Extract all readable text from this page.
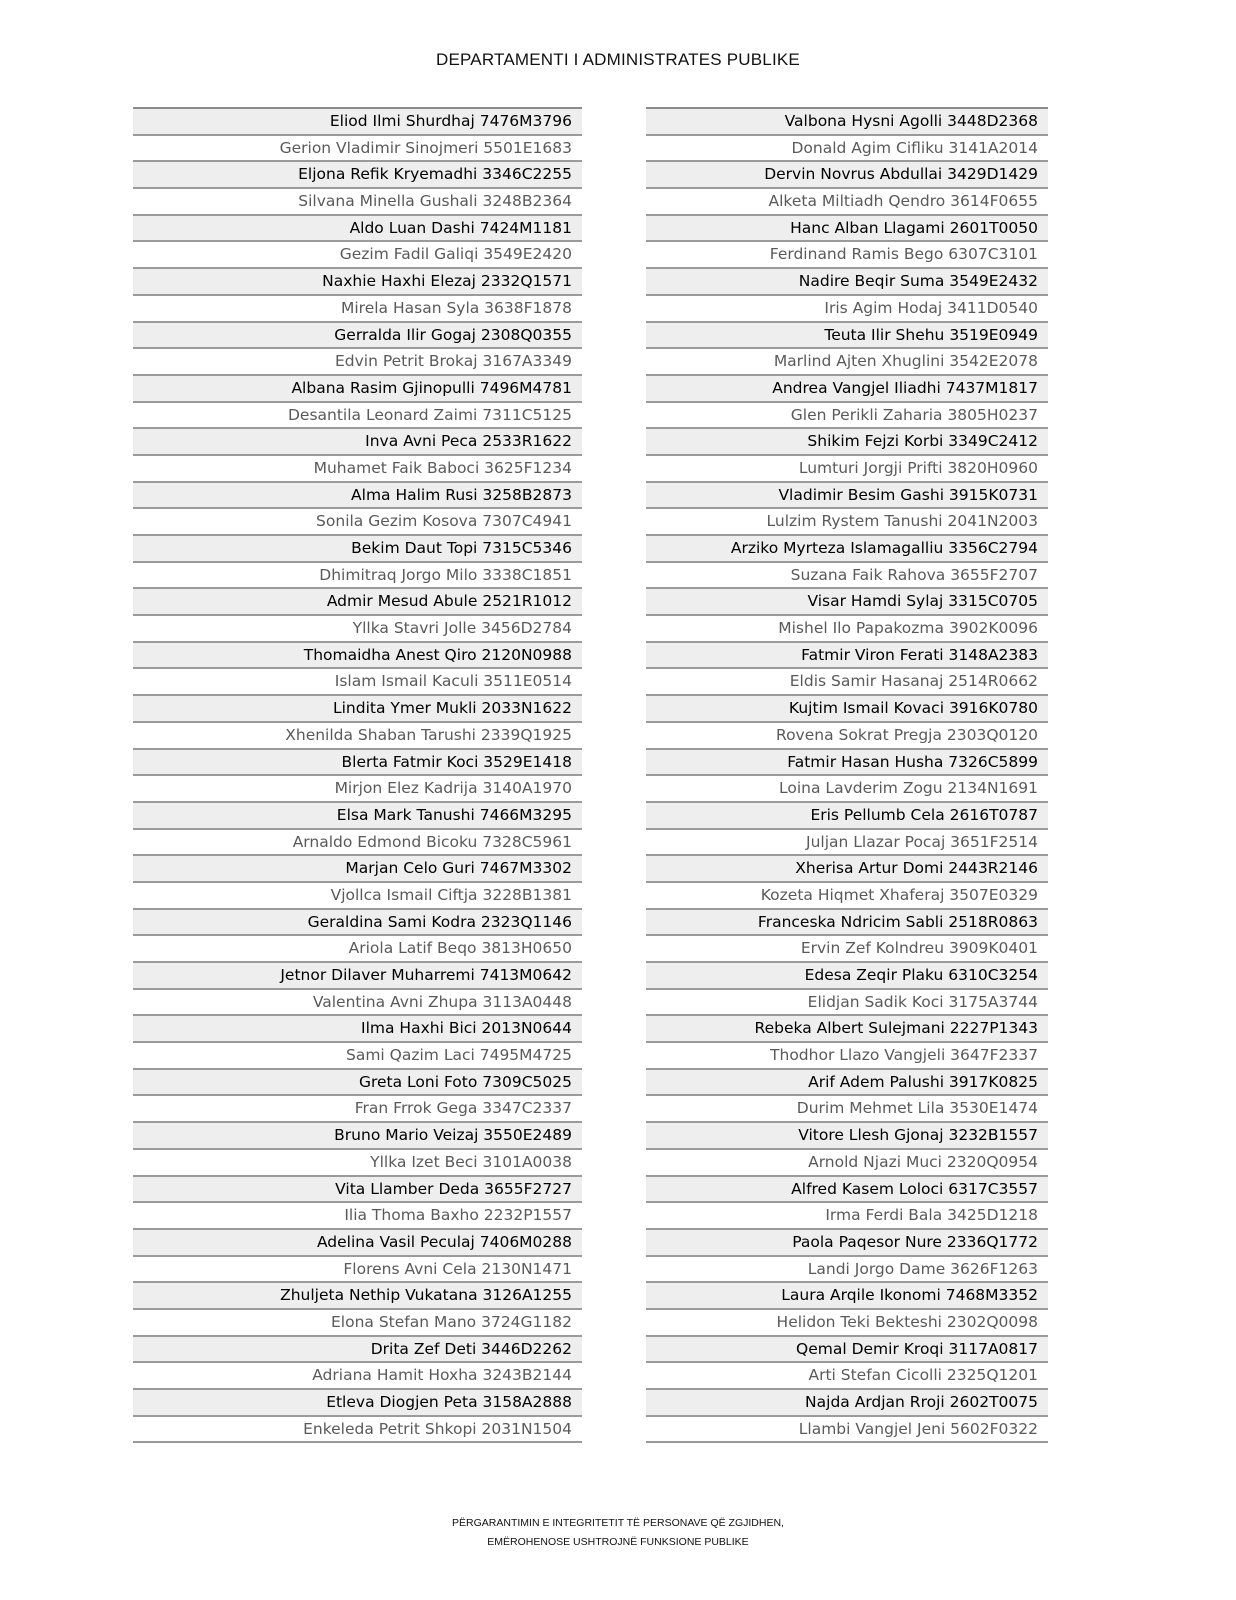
DEPARTAMENTI I ADMINISTRATES PUBLIKE
Eliod Ilmi Shurdhaj 7476M3796
Gerion Vladimir Sinojmeri 5501E1683
Eljona Refik Kryemadhi 3346C2255
Silvana Minella Gushali 3248B2364
Aldo Luan Dashi 7424M1181
Gezim Fadil Galiqi 3549E2420
Naxhie Haxhi Elezaj 2332Q1571
Mirela Hasan Syla 3638F1878
Gerralda Ilir Gogaj 2308Q0355
Edvin Petrit Brokaj 3167A3349
Albana Rasim Gjinopulli 7496M4781
Desantila Leonard Zaimi 7311C5125
Inva Avni Peca 2533R1622
Muhamet Faik Baboci 3625F1234
Alma Halim Rusi 3258B2873
Sonila Gezim Kosova 7307C4941
Bekim Daut Topi 7315C5346
Dhimitraq Jorgo Milo 3338C1851
Admir Mesud Abule 2521R1012
Yllka Stavri Jolle 3456D2784
Thomaidha Anest Qiro 2120N0988
Islam Ismail Kaculi 3511E0514
Lindita Ymer Mukli 2033N1622
Xhenilda Shaban Tarushi 2339Q1925
Blerta Fatmir Koci 3529E1418
Mirjon Elez Kadrija 3140A1970
Elsa Mark Tanushi 7466M3295
Arnaldo Edmond Bicoku 7328C5961
Marjan Celo Guri 7467M3302
Vjollca Ismail Ciftja 3228B1381
Geraldina Sami Kodra 2323Q1146
Ariola Latif Beqo 3813H0650
Jetnor Dilaver Muharremi 7413M0642
Valentina Avni Zhupa 3113A0448
Ilma Haxhi Bici 2013N0644
Sami Qazim Laci 7495M4725
Greta Loni Foto 7309C5025
Fran Frrok Gega 3347C2337
Bruno Mario Veizaj 3550E2489
Yllka Izet Beci 3101A0038
Vita Llamber Deda 3655F2727
Ilia Thoma Baxho 2232P1557
Adelina Vasil Peculaj 7406M0288
Florens Avni Cela 2130N1471
Zhuljeta Nethip Vukatana 3126A1255
Elona Stefan Mano 3724G1182
Drita Zef Deti 3446D2262
Adriana Hamit Hoxha 3243B2144
Etleva Diogjen Peta 3158A2888
Enkeleda Petrit Shkopi 2031N1504
Valbona Hysni Agolli 3448D2368
Donald Agim Cifliku 3141A2014
Dervin Novrus Abdullai 3429D1429
Alketa Miltiadh Qendro 3614F0655
Hanc Alban Llagami 2601T0050
Ferdinand Ramis Bego 6307C3101
Nadire Beqir Suma 3549E2432
Iris Agim Hodaj 3411D0540
Teuta Ilir Shehu 3519E0949
Marlind Ajten Xhuglini 3542E2078
Andrea Vangjel Iliadhi 7437M1817
Glen Perikli Zaharia 3805H0237
Shikim Fejzi Korbi 3349C2412
Lumturi Jorgji Prifti 3820H0960
Vladimir Besim Gashi 3915K0731
Lulzim Rystem Tanushi 2041N2003
Arziko Myrteza Islamagalliu 3356C2794
Suzana Faik Rahova 3655F2707
Visar Hamdi Sylaj 3315C0705
Mishel Ilo Papakozma 3902K0096
Fatmir Viron Ferati 3148A2383
Eldis Samir Hasanaj 2514R0662
Kujtim Ismail Kovaci 3916K0780
Rovena Sokrat Pregja 2303Q0120
Fatmir Hasan Husha 7326C5899
Loina Lavderim Zogu 2134N1691
Eris Pellumb Cela 2616T0787
Juljan Llazar Pocaj 3651F2514
Xherisa Artur Domi 2443R2146
Kozeta Hiqmet Xhaferaj 3507E0329
Franceska Ndricim Sabli 2518R0863
Ervin Zef Kolndreu 3909K0401
Edesa Zeqir Plaku 6310C3254
Elidjan Sadik Koci 3175A3744
Rebeka Albert Sulejmani 2227P1343
Thodhor Llazo Vangjeli 3647F2337
Arif Adem Palushi 3917K0825
Durim Mehmet Lila 3530E1474
Vitore Llesh Gjonaj 3232B1557
Arnold Njazi Muci 2320Q0954
Alfred Kasem Loloci 6317C3557
Irma Ferdi Bala 3425D1218
Paola Paqesor Nure 2336Q1772
Landi Jorgo Dame 3626F1263
Laura Arqile Ikonomi 7468M3352
Helidon Teki Bekteshi 2302Q0098
Qemal Demir Kroqi 3117A0817
Arti Stefan Cicolli 2325Q1201
Najda Ardjan Rroji 2602T0075
Llambi Vangjel Jeni 5602F0322
PËRGARANTIMIN E INTEGRITETIT TË PERSONAVE QË ZGJIDHEN,
EMËROHENOSE USHTROJNË FUNKSIONE PUBLIKE
